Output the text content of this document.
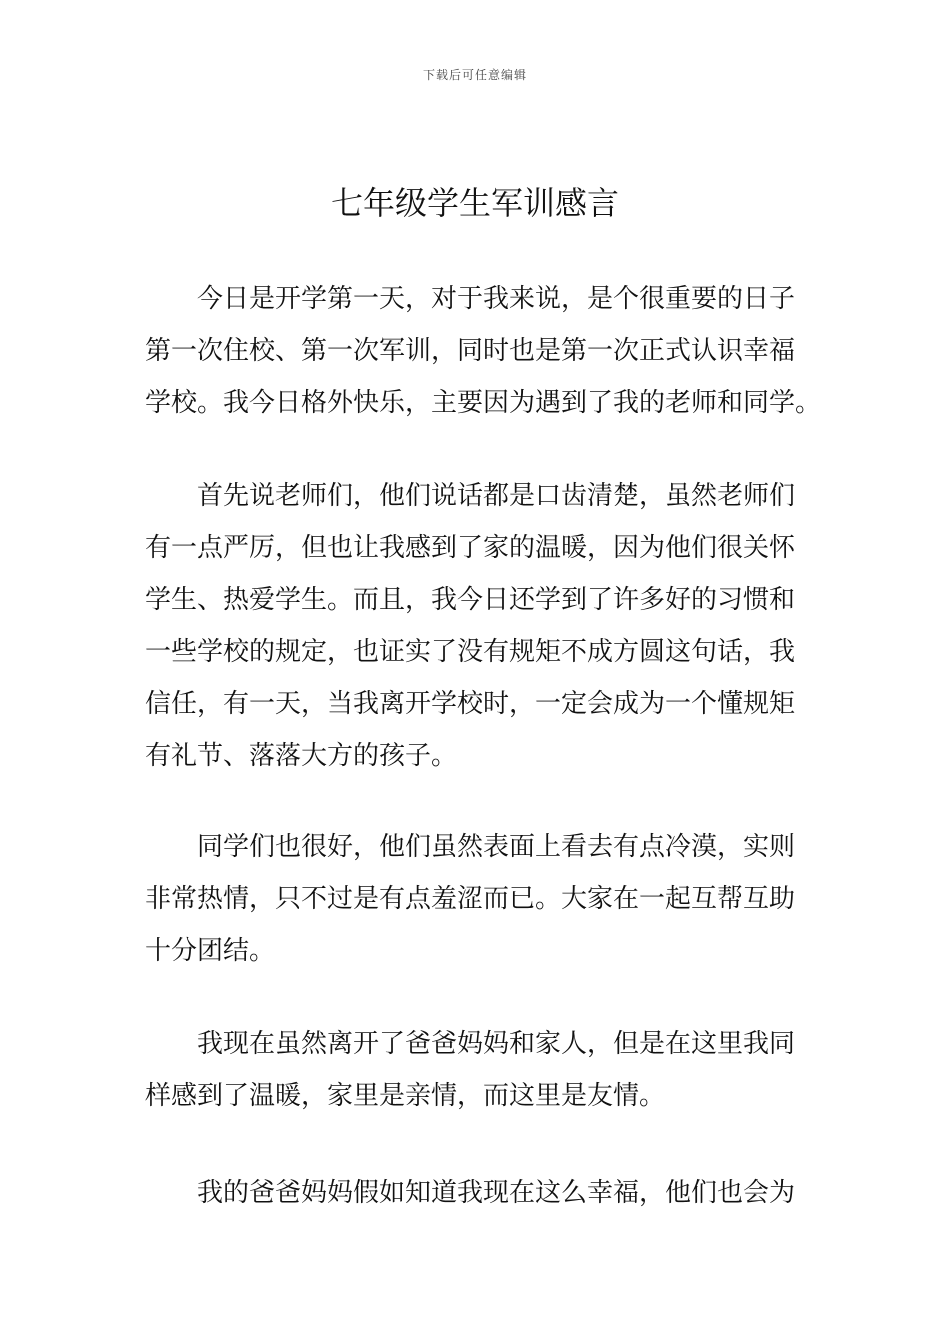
下载后可任意编辑
七年级学生军训感言
今日是开学第一天，对于我来说，是个很重要的日子
第一次住校、第一次军训，同时也是第一次正式认识幸福
学校。我今日格外快乐，主要因为遇到了我的老师和同学。
首先说老师们，他们说话都是口齿清楚，虽然老师们
有一点严厉，但也让我感到了家的温暖，因为他们很关怀
学生、热爱学生。而且，我今日还学到了许多好的习惯和
一些学校的规定，也证实了没有规矩不成方圆这句话，我
信任，有一天，当我离开学校时，一定会成为一个懂规矩
有礼节、落落大方的孩子。
同学们也很好，他们虽然表面上看去有点冷漠，实则
非常热情，只不过是有点羞涩而已。大家在一起互帮互助
十分团结。
我现在虽然离开了爸爸妈妈和家人，但是在这里我同
样感到了温暖，家里是亲情，而这里是友情。
我的爸爸妈妈假如知道我现在这么幸福，他们也会为
